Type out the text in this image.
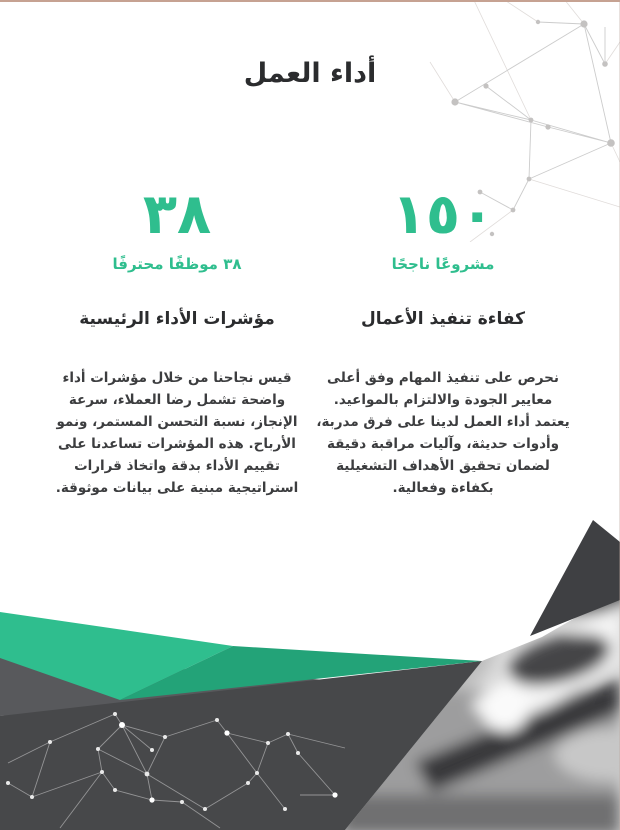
أداء العمل
١٥٠
مشروعًا ناجحًا
كفاءة تنفيذ الأعمال

نحرص على تنفيذ المهام وفق أعلى معايير الجودة والالتزام بالمواعيد. يعتمد أداء العمل لدينا على فرق مدربة، وأدوات حديثة، وآليات مراقبة دقيقة لضمان تحقيق الأهداف التشغيلية بكفاءة وفعالية.

٣٨
٣٨ موظفًا محترفًا
مؤشرات الأداء الرئيسية

قيس نجاحنا من خلال مؤشرات أداء واضحة تشمل رضا العملاء، سرعة الإنجاز، نسبة التحسن المستمر، ونمو الأرباح. هذه المؤشرات تساعدنا على تقييم الأداء بدقة واتخاذ قرارات استراتيجية مبنية على بيانات موثوقة.
